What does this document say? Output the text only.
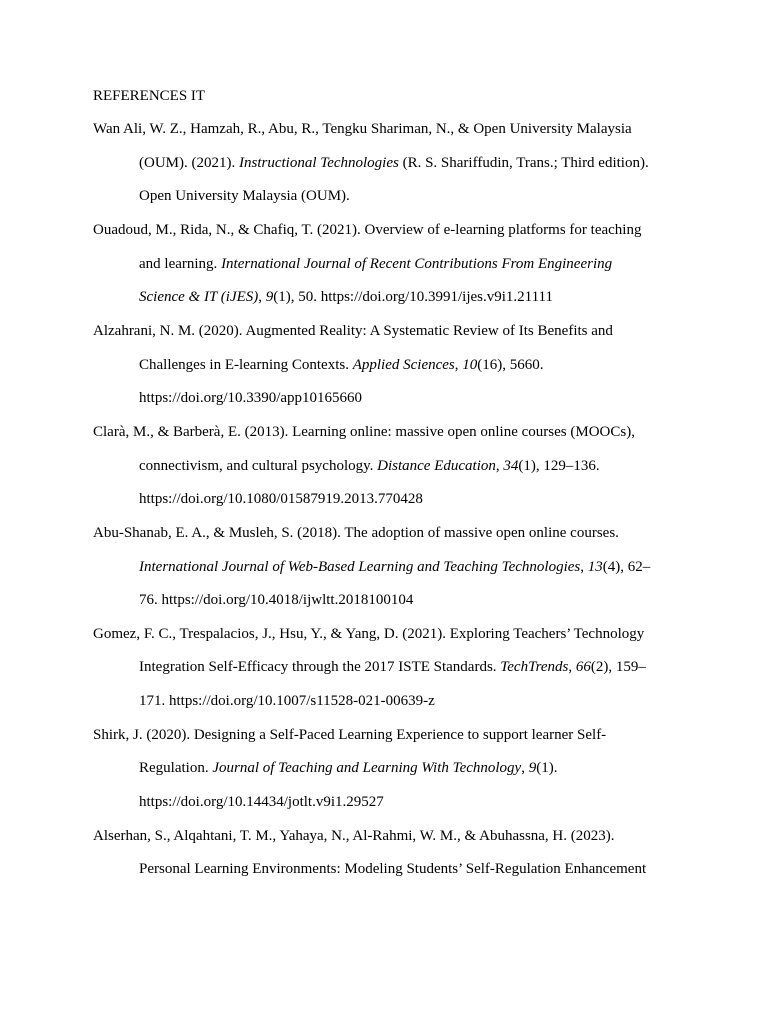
REFERENCES IT
Wan Ali, W. Z., Hamzah, R., Abu, R., Tengku Shariman, N., & Open University Malaysia
(OUM). (2021). Instructional Technologies (R. S. Shariffudin, Trans.; Third edition).
Open University Malaysia (OUM).
Ouadoud, M., Rida, N., & Chafiq, T. (2021). Overview of e-learning platforms for teaching
and learning. International Journal of Recent Contributions From Engineering
Science & IT (iJES), 9(1), 50. https://doi.org/10.3991/ijes.v9i1.21111
Alzahrani, N. M. (2020). Augmented Reality: A Systematic Review of Its Benefits and
Challenges in E-learning Contexts. Applied Sciences, 10(16), 5660.
https://doi.org/10.3390/app10165660
Clarà, M., & Barberà, E. (2013). Learning online: massive open online courses (MOOCs),
connectivism, and cultural psychology. Distance Education, 34(1), 129–136.
https://doi.org/10.1080/01587919.2013.770428
Abu-Shanab, E. A., & Musleh, S. (2018). The adoption of massive open online courses.
International Journal of Web-Based Learning and Teaching Technologies, 13(4), 62–
76. https://doi.org/10.4018/ijwltt.2018100104
Gomez, F. C., Trespalacios, J., Hsu, Y., & Yang, D. (2021). Exploring Teachers’ Technology
Integration Self-Efficacy through the 2017 ISTE Standards. TechTrends, 66(2), 159–
171. https://doi.org/10.1007/s11528-021-00639-z
Shirk, J. (2020). Designing a Self-Paced Learning Experience to support learner Self-
Regulation. Journal of Teaching and Learning With Technology, 9(1).
https://doi.org/10.14434/jotlt.v9i1.29527
Alserhan, S., Alqahtani, T. M., Yahaya, N., Al-Rahmi, W. M., & Abuhassna, H. (2023).
Personal Learning Environments: Modeling Students’ Self-Regulation Enhancement
